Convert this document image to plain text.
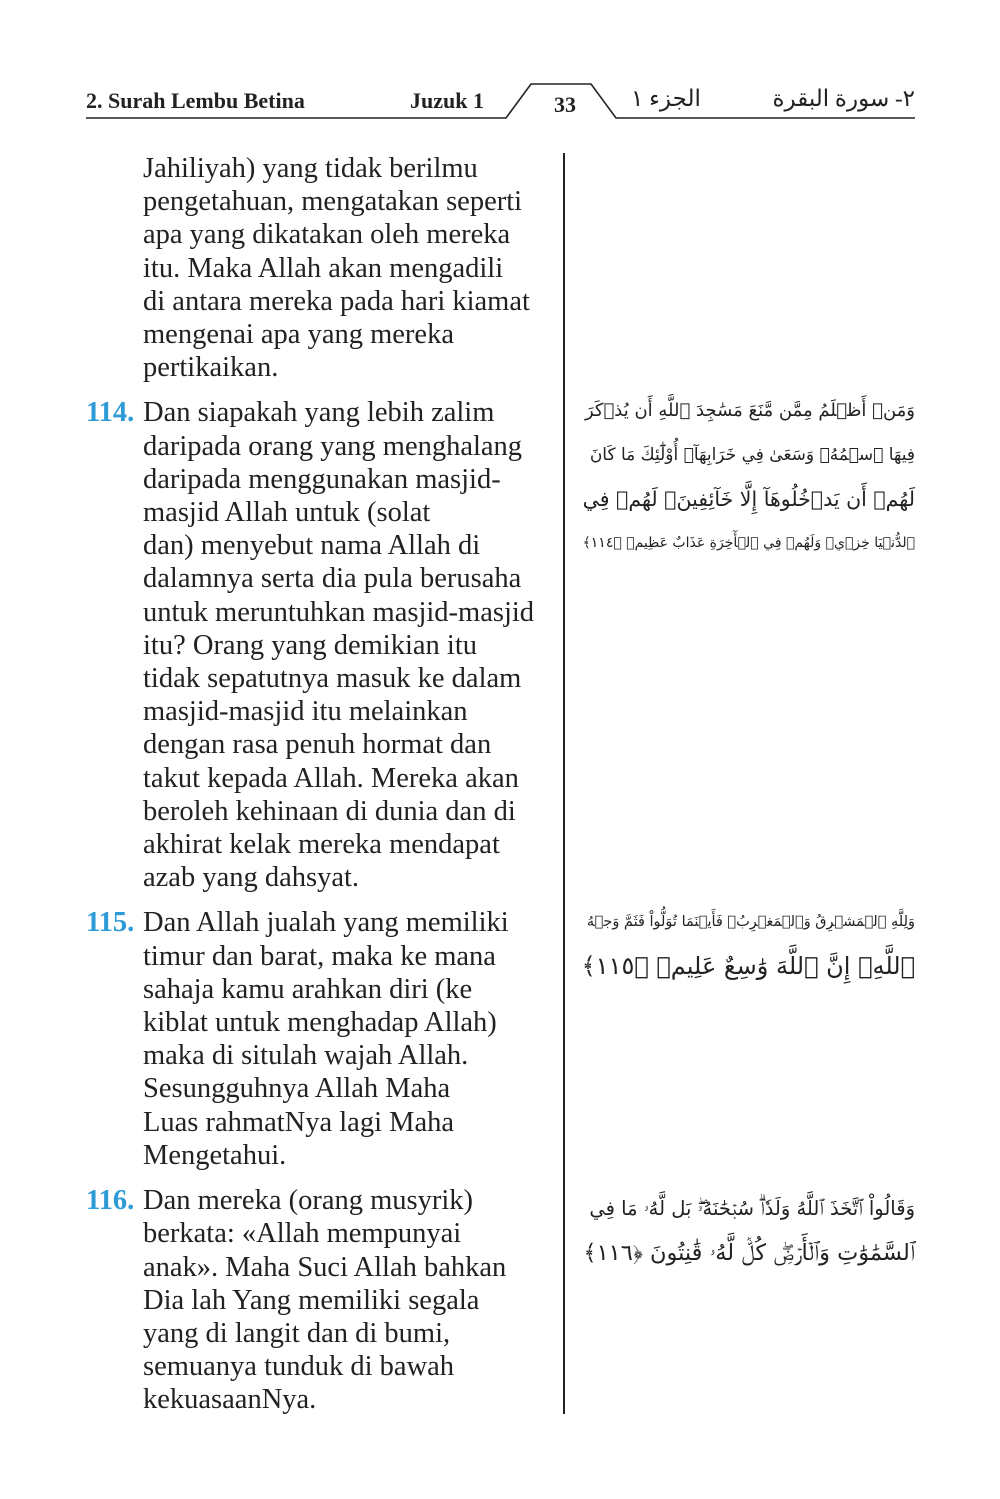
2. Surah Lembu Betina	Juzuk 1	33 الجزء ١	٢- سورة البقرة
Jahiliyah) yang tidak berilmu
pengetahuan, mengatakan seperti
apa yang dikatakan oleh mereka
itu. Maka Allah akan mengadili
di antara mereka pada hari kiamat
mengenai apa yang mereka
pertikaikan.
114. Dan siapakah yang lebih zalim
daripada orang yang menghalang
daripada menggunakan masjid-
masjid Allah untuk (solat
dan) menyebut nama Allah di
dalamnya serta dia pula berusaha
untuk meruntuhkan masjid-masjid
itu? Orang yang demikian itu
tidak sepatutnya masuk ke dalam
masjid-masjid itu melainkan
dengan rasa penuh hormat dan
takut kepada Allah. Mereka akan
beroleh kehinaan di dunia dan di
akhirat kelak mereka mendapat
azab yang dahsyat.
115. Dan Allah jualah yang memiliki
timur dan barat, maka ke mana
sahaja kamu arahkan diri (ke
kiblat untuk menghadap Allah)
maka di situlah wajah Allah.
Sesungguhnya Allah Maha
Luas rahmatNya lagi Maha
Mengetahui.
116. Dan mereka (orang musyrik)
berkata: «Allah mempunyai
anak». Maha Suci Allah bahkan
Dia lah Yang memiliki segala
yang di langit dan di bumi,
semuanya tunduk di bawah
kekuasaanNya.
وَمَنۡ أَظۡلَمُ مِمَّن مَّنَعَ مَسَٰجِدَ ٱللَّهِ أَن يُذۡكَرَ
فِيهَا ٱسۡمُهُۥ وَسَعَىٰ فِي خَرَابِهَآۚ أُوْلَٰٓئِكَ مَا كَانَ
لَهُمۡ أَن يَدۡخُلُوهَآ إِلَّا خَآئِفِينَۚ لَهُمۡ فِي
ٱلدُّنۡيَا خِزۡيٞ وَلَهُمۡ فِي ٱلۡأٓخِرَةِ عَذَابٌ عَظِيمٞ ﴿١١٤﴾
وَلِلَّهِ ٱلۡمَشۡرِقُ وَٱلۡمَغۡرِبُۚ فَأَيۡنَمَا تُوَلُّواْ فَثَمَّ وَجۡهُ
ٱللَّهِۚ إِنَّ ٱللَّهَ وَٰسِعٌ عَلِيمٞ ﴿١١٥﴾
وَقَالُواْ ٱتَّخَذَ ٱللَّهُ وَلَدٗاۗ سُبۡحَٰنَهُۥۖ بَل لَّهُۥ مَا فِي
ٱلسَّمَٰوَٰتِ وَٱلۡأَرۡضِۖ كُلّٞ لَّهُۥ قَٰنِتُونَ ﴿١١٦﴾
